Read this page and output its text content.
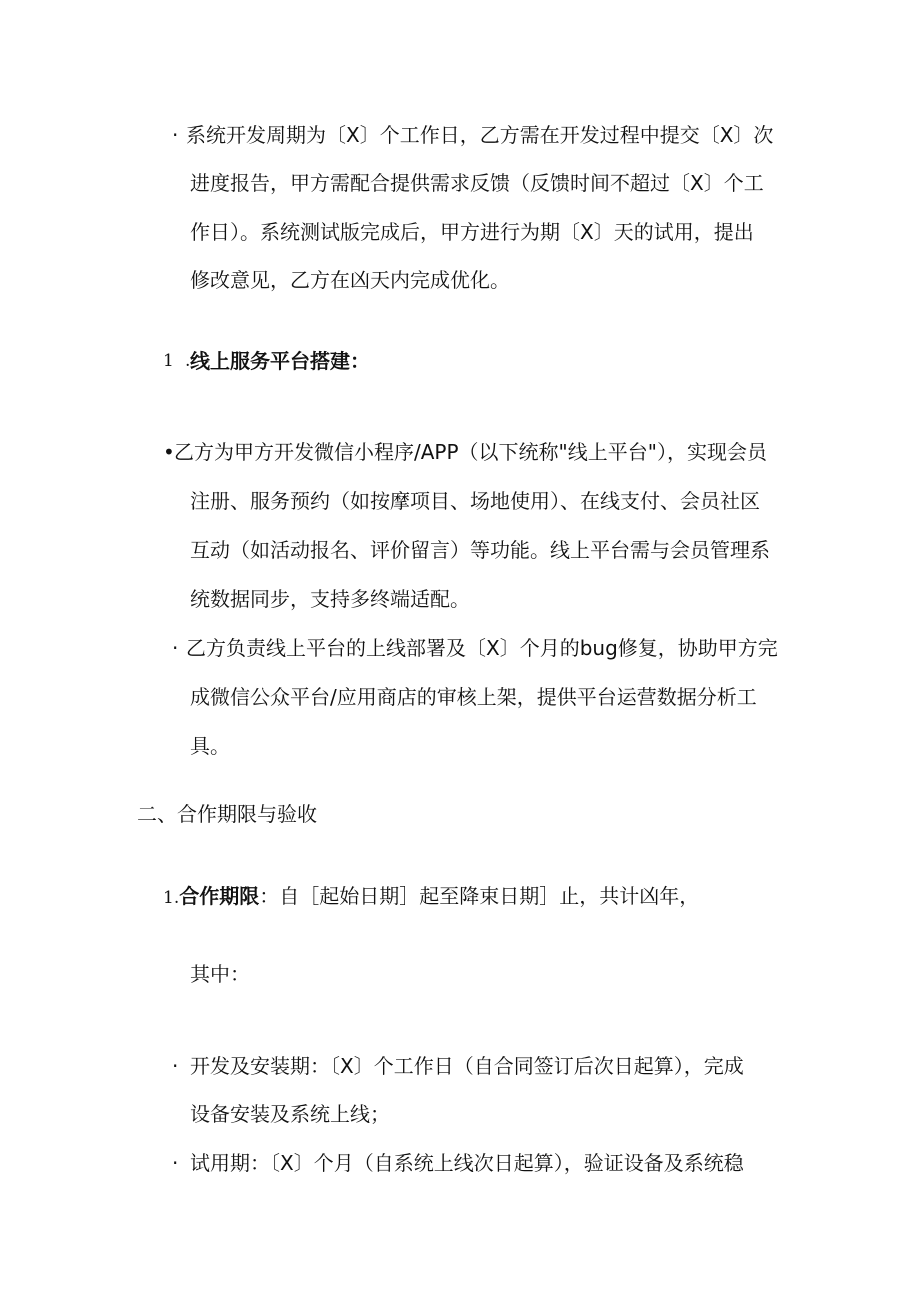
· 系统开发周期为〔X〕个工作日，乙方需在开发过程中提交〔X〕次

进度报告，甲方需配合提供需求反馈（反馈时间不超过〔X〕个工

作日）。系统测试版完成后，甲方进行为期〔X〕天的试用，提出

修改意见，乙方在凶天内完成优化。

1 . 线上服务平台搭建：
• 乙方为甲方开发微信小程序/APP（以下统称"线上平台"），实现会员

注册、服务预约（如按摩项目、场地使用）、在线支付、会员社区

互动（如活动报名、评价留言）等功能。线上平台需与会员管理系

统数据同步，支持多终端适配。

· 乙方负责线上平台的上线部署及〔X〕个月的bug修复，协助甲方完

成微信公众平台/应用商店的审核上架，提供平台运营数据分析工

具。

二、合作期限与验收

1.合作期限：自［起始日期］起至降束日期］止，共计凶年，

其中：

· 开发及安装期：〔X〕个工作日（自合同签订后次日起算），完成

设备安装及系统上线；

· 试用期：〔X〕个月（自系统上线次日起算），验证设备及系统稳
